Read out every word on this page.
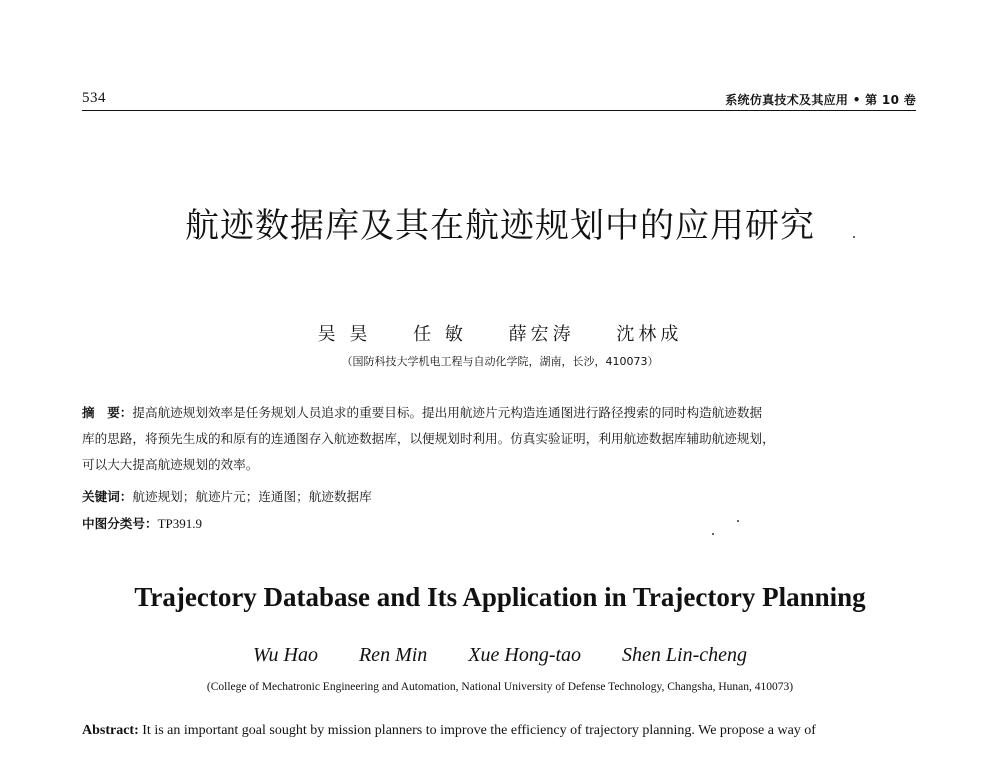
534	系统仿真技术及其应用 • 第 10 卷
航迹数据库及其在航迹规划中的应用研究
吴 昊 任 敏 薛宏涛 沈林成
（国防科技大学机电工程与自动化学院，湖南，长沙，410073）
摘　要：提高航迹规划效率是任务规划人员追求的重要目标。提出用航迹片元构造连通图进行路径搜索的同时构造航迹数据
库的思路，将预先生成的和原有的连通图存入航迹数据库，以便规划时利用。仿真实验证明，利用航迹数据库辅助航迹规划，
可以大大提高航迹规划的效率。
关键词：航迹规划；航迹片元；连通图；航迹数据库
中图分类号：TP391.9
Trajectory Database and Its Application in Trajectory Planning
Wu Hao Ren Min Xue Hong-tao Shen Lin-cheng
(College of Mechatronic Engineering and Automation, National University of Defense Technology, Changsha, Hunan, 410073)
Abstract: It is an important goal sought by mission planners to improve the efficiency of trajectory planning. We propose a way of
